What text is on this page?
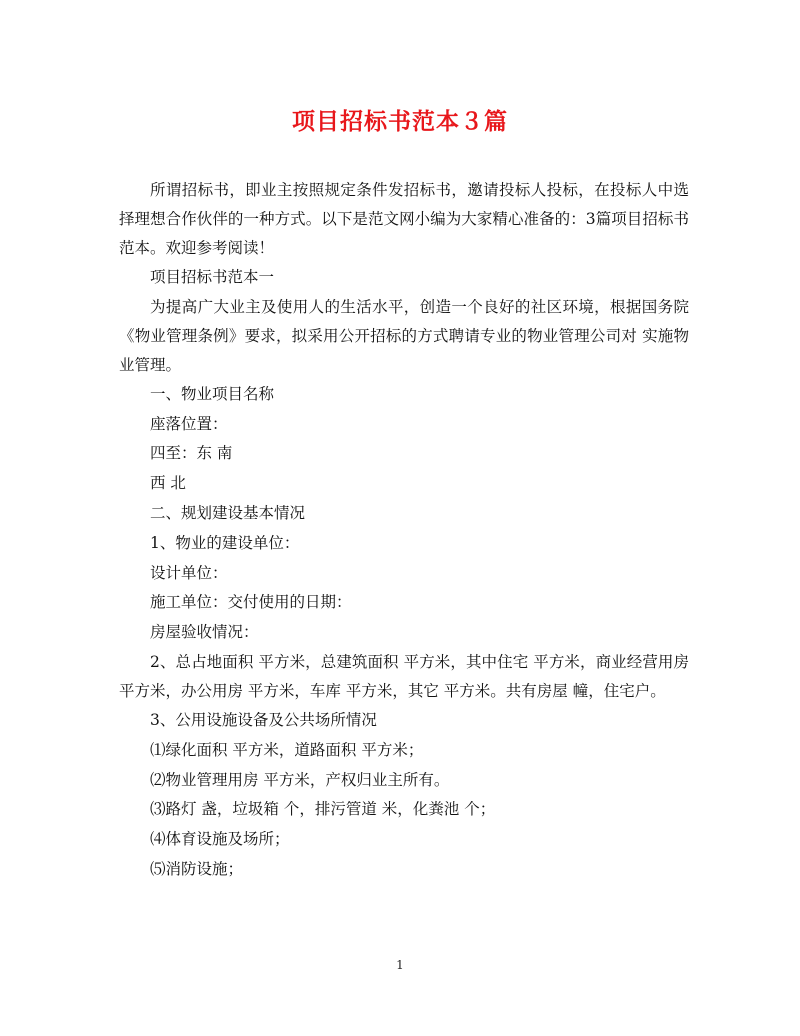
项目招标书范本３篇

所谓招标书，即业主按照规定条件发招标书，邀请投标人投标，在投标人中选择理想合作伙伴的一种方式。以下是范文网小编为大家精心准备的：3篇项目招标书范本。欢迎参考阅读！

项目招标书范本一

为提高广大业主及使用人的生活水平，创造一个良好的社区环境，根据国务院《物业管理条例》要求，拟采用公开招标的方式聘请专业的物业管理公司对 实施物业管理。

一、物业项目名称

座落位置：

四至：东 南

西 北

二、规划建设基本情况

1、物业的建设单位：

设计单位：

施工单位：交付使用的日期：

房屋验收情况：

2、总占地面积 平方米，总建筑面积 平方米，其中住宅 平方米，商业经营用房 平方米，办公用房 平方米，车库 平方米，其它 平方米。共有房屋 幢，住宅户。

3、公用设施设备及公共场所情况

⑴绿化面积 平方米，道路面积 平方米；

⑵物业管理用房 平方米，产权归业主所有。

⑶路灯 盏，垃圾箱 个，排污管道 米，化粪池 个；

⑷体育设施及场所；

⑸消防设施；

1
